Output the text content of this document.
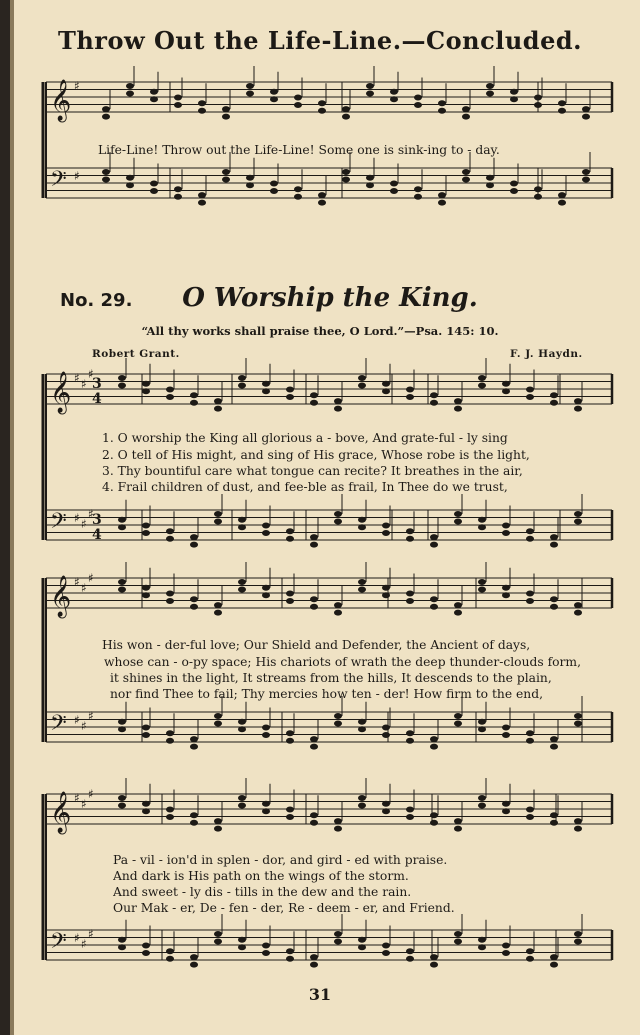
Throw Out the Life-Line.—Concluded.
𝄞 ♯
𝄢 ♯
𝄞 ♯ ♯
♯
𝄢 ♯ ♯
♯
𝄞 ♯ ♯
♯
𝄢 ♯ ♯
♯
𝄞 ♯ ♯
♯
𝄢 ♯ ♯
♯
3
4
3
4
Life-Line! Throw out the Life-Line! Some one is sink-ing to - day.
No. 29.	O Worship the King.
“All thy works shall praise thee, O Lord.”—Psa. 145: 10.
Robert Grant.	F. J. Haydn.
1. O worship the King all glorious a - bove, And grate-ful - ly sing
2. O tell of His might, and sing of His grace, Whose robe is the light,
3. Thy bountiful care what tongue can recite? It breathes in the air,
4. Frail children of dust, and fee-ble as frail, In Thee do we trust,
His won - der-ful love; Our Shield and Defender, the Ancient of days,
whose can - o-py space; His chariots of wrath the deep thunder-clouds form,
it shines in the light, It streams from the hills, It descends to the plain,
nor find Thee to fail; Thy mercies how ten - der! How firm to the end,
Pa - vil - ion'd in splen - dor, and gird - ed with praise.
And dark is His path on the wings of the storm.
And sweet - ly dis - tills in the dew and the rain.
Our Mak - er, De - fen - der, Re - deem - er, and Friend.
31
